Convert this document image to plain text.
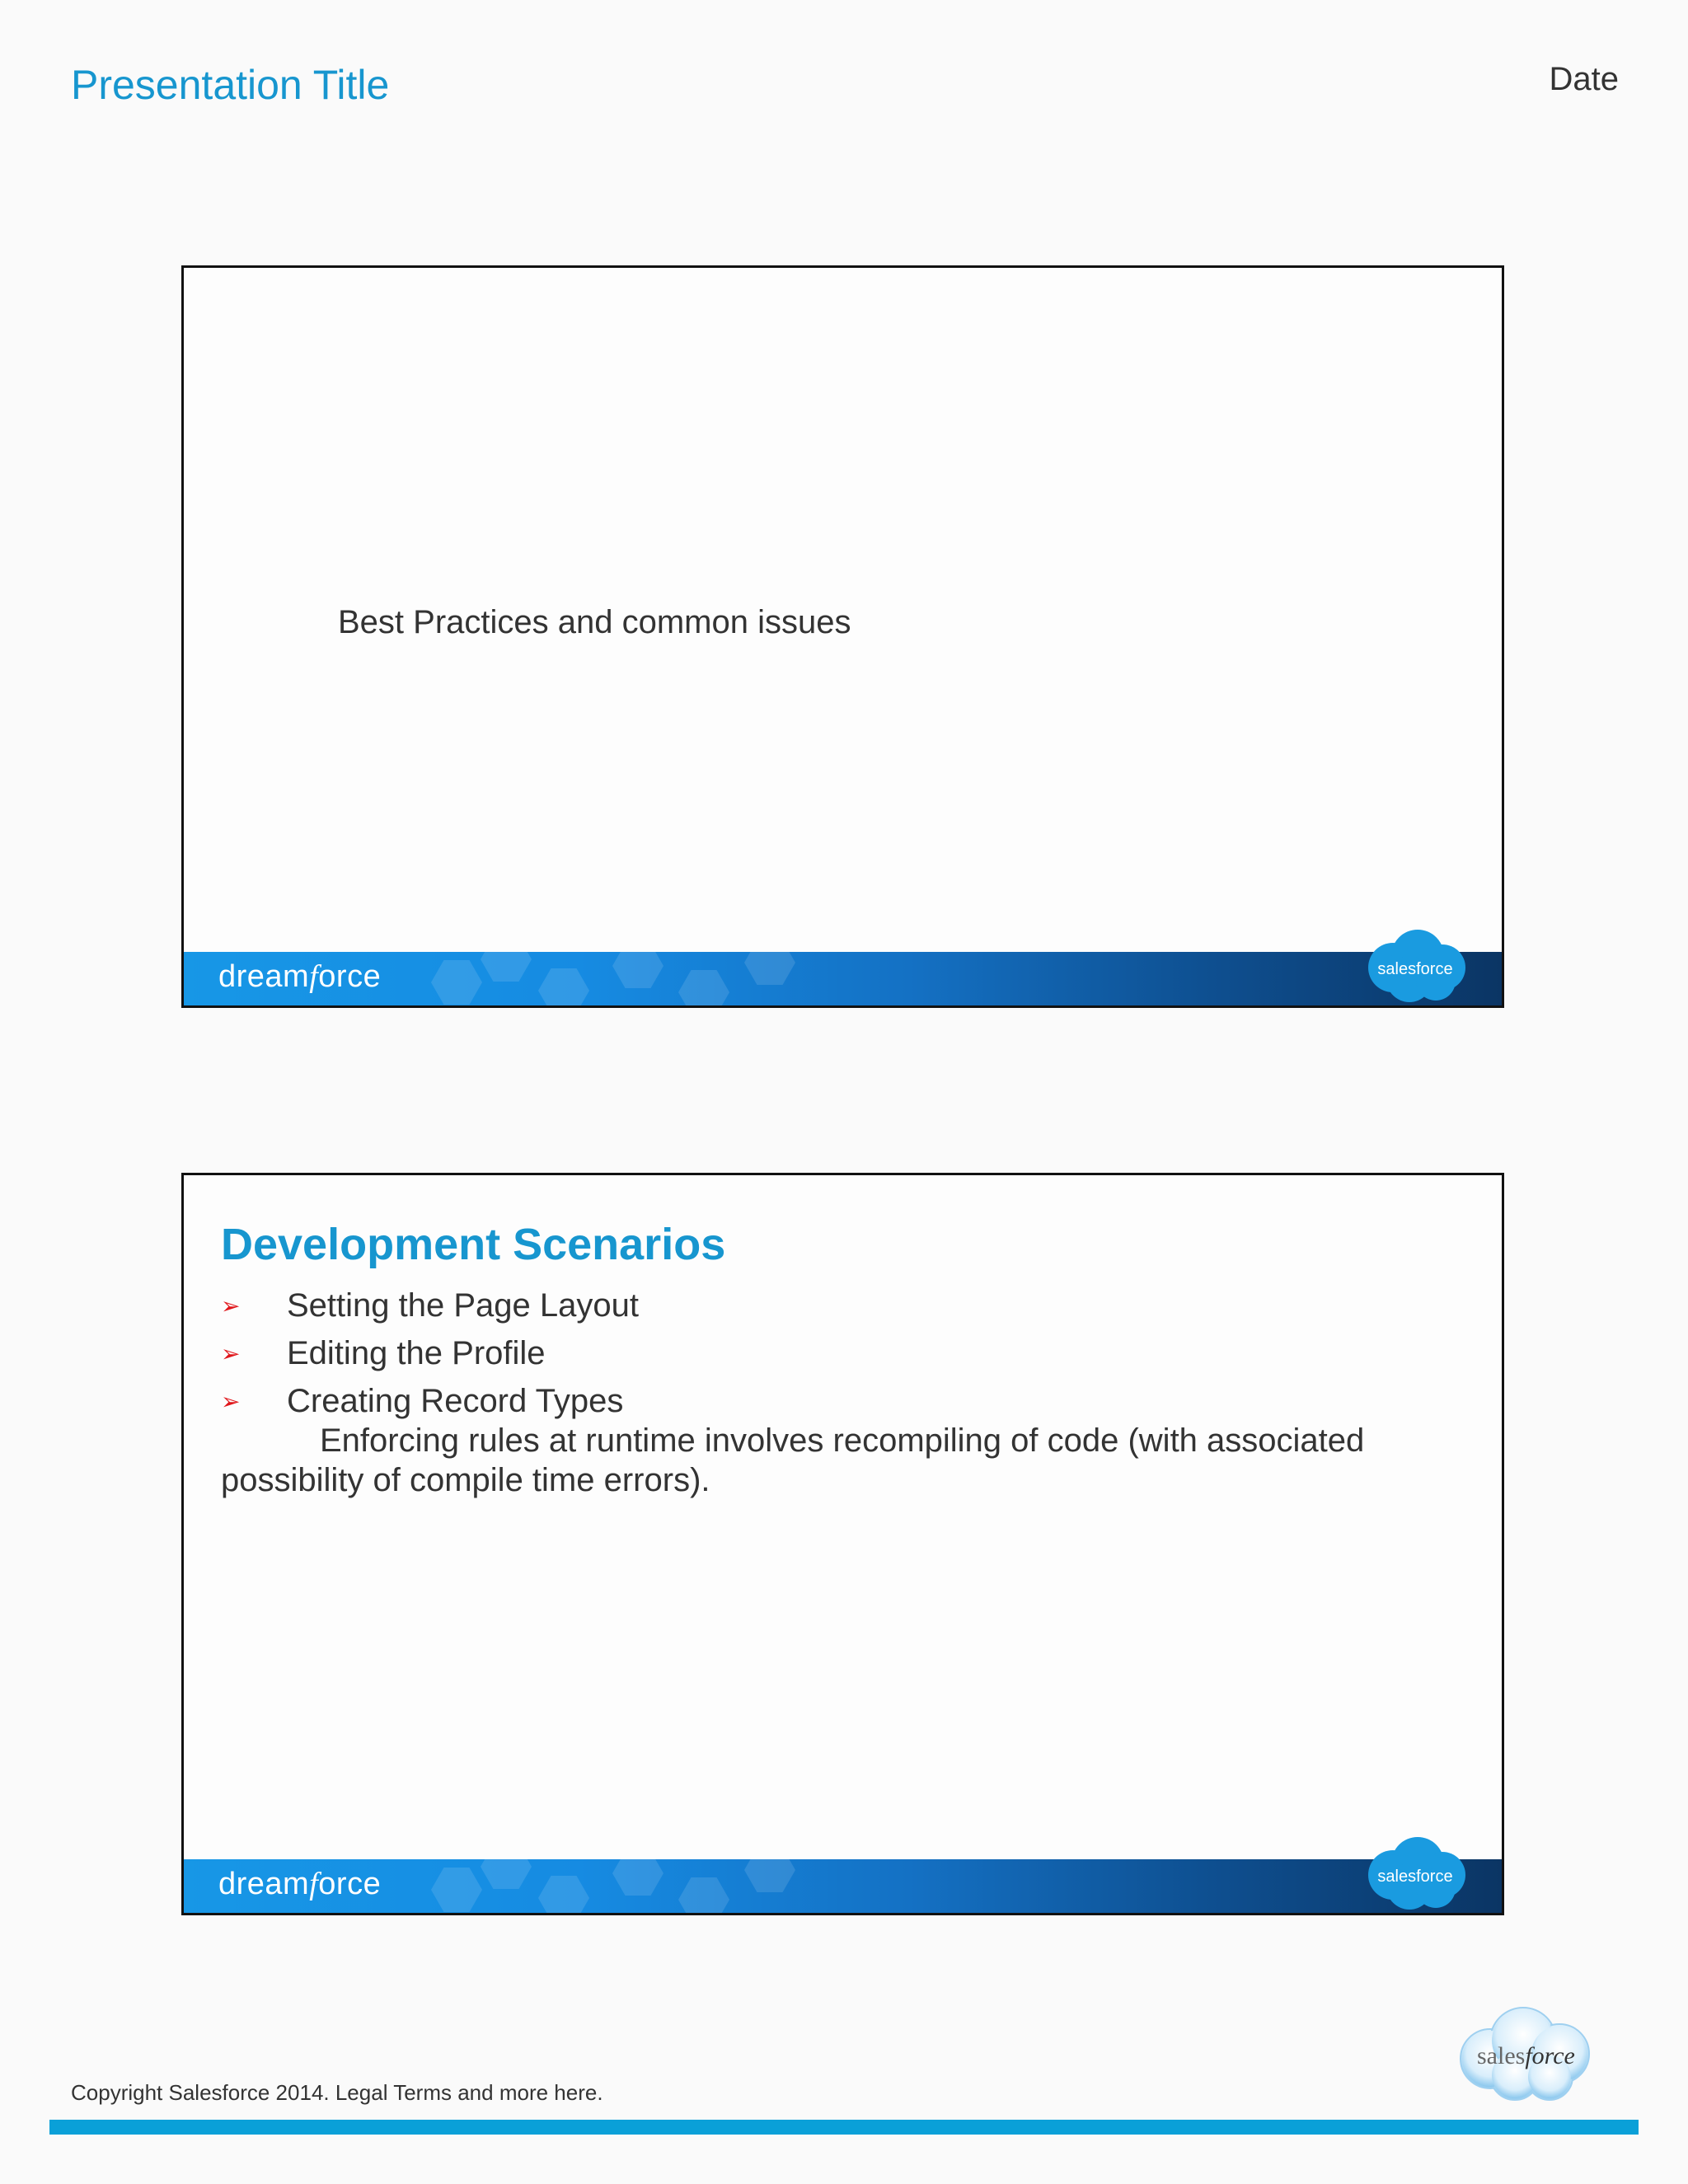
Presentation Title	Date
Best Practices and common issues
dreamforce	salesforce
Development Scenarios
➢	Setting the Page Layout
➢	Editing the Profile
➢	Creating Record Types

Enforcing rules at runtime involves recompiling of code (with associated possibility of compile time errors).

dreamforce	salesforce
Copyright Salesforce 2014. Legal Terms and more here.
salesforce
